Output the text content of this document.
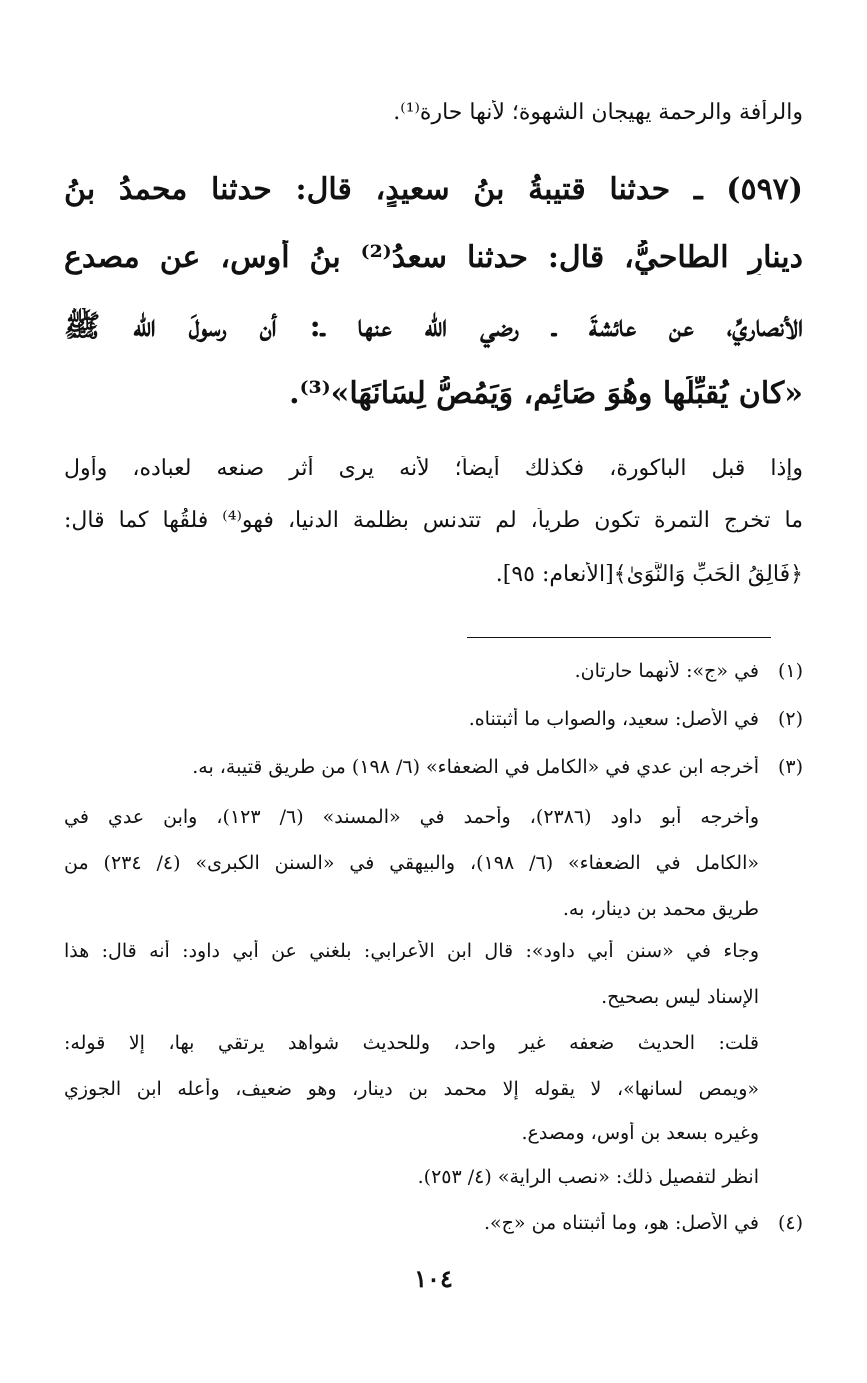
والرأفة والرحمة يهيجان الشهوة؛ لأنها حارة⁽¹⁾.
(٥٩٧) ـ حدثنا قتيبةُ بنُ سعيدٍ، قال: حدثنا محمدُ بنُ
دينارٍ الطاحيُّ، قال: حدثنا سعدُ⁽²⁾ بنُ أوسٍ، عن مصدعٍ
الأنصاريِّ، عن عائشةَ ـ رضي الله عنها ـ: أن رسولَ الله ﷺ
«كان يُقبِّلُها وهُوَ صَائِم، وَيَمُصُّ لِسَانَهَا»⁽³⁾.
وإذا قبل الباكورة، فكذلك أيضاً؛ لأنه يرى أثر صنعه لعباده، وأول
ما تخرج التمرة تكون طرياً، لم تتدنس بظلمة الدنيا، فهو⁽⁴⁾ فلقُها كما قال:
﴿فَالِقُ الْحَبِّ وَالنَّوَىٰ﴾[الأنعام: ٩٥].
(١)في «ج»: لأنهما حارتان.
(٢)في الأصل: سعيد، والصواب ما أثبتناه.
(٣)أخرجه ابن عدي في «الكامل في الضعفاء» (٦/ ١٩٨) من طريق قتيبة، به.
وأخرجه أبو داود (٢٣٨٦)، وأحمد في «المسند» (٦/ ١٢٣)، وابن عدي في
«الكامل في الضعفاء» (٦/ ١٩٨)، والبيهقي في «السنن الكبرى» (٤/ ٢٣٤) من
طريق محمد بن دينار، به.
وجاء في «سنن أبي داود»: قال ابن الأعرابي: بلغني عن أبي داود: أنه قال: هذا
الإسناد ليس بصحيح.
قلت: الحديث ضعفه غير واحد، وللحديث شواهد يرتقي بها، إلا قوله:
«ويمص لسانها»، لا يقوله إلا محمد بن دينار، وهو ضعيف، وأعله ابن الجوزي
وغيره بسعد بن أوس، ومصدع.
انظر لتفصيل ذلك: «نصب الراية» (٤/ ٢٥٣).
(٤)في الأصل: هو، وما أثبتناه من «ج».
١٠٤
